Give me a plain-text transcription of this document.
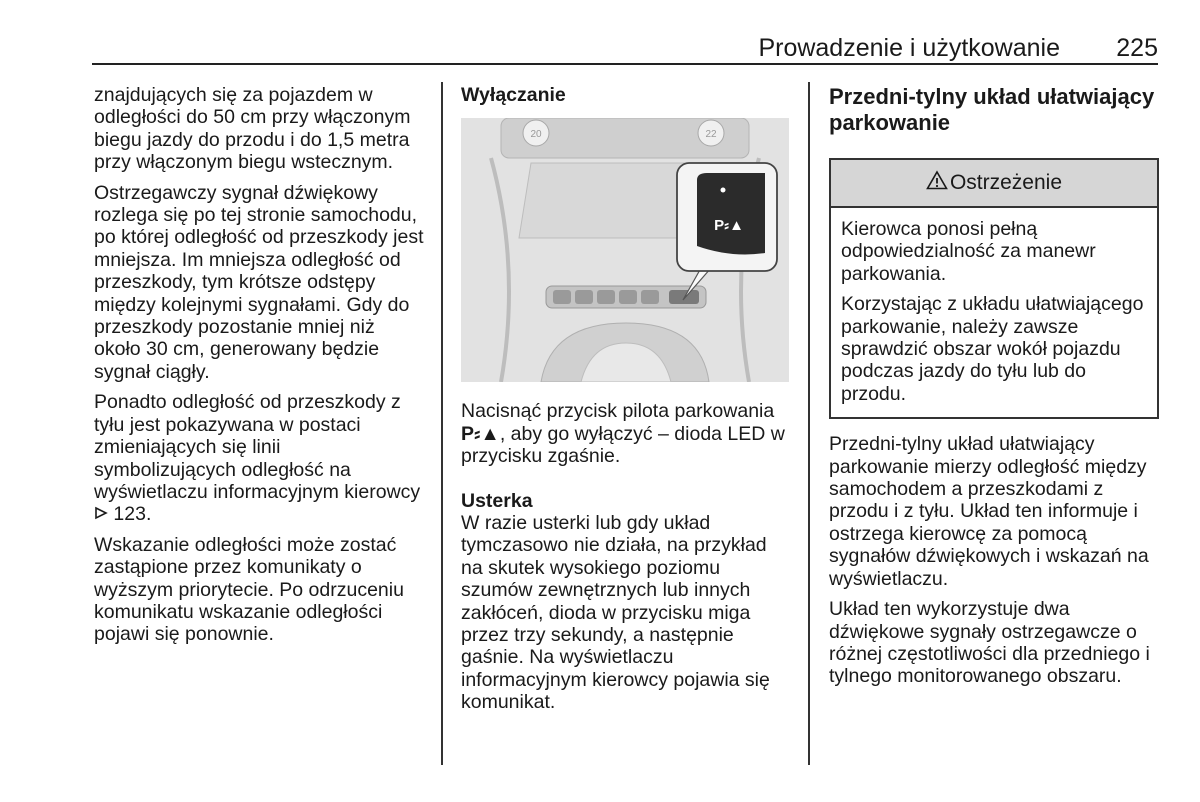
Prowadzenie i użytkowanie	225

znajdujących się za pojazdem w odległości do 50 cm przy włączonym biegu jazdy do przodu i do 1,5 metra przy włączonym biegu wstecznym.

Ostrzegawczy sygnał dźwiękowy rozlega się po tej stronie samochodu, po której odległość od przeszkody jest mniejsza. Im mniejsza odległość od przeszkody, tym krótsze odstępy między kolejnymi sygnałami. Gdy do przeszkody pozostanie mniej niż około 30 cm, generowany będzie sygnał ciągły.

Ponadto odległość od przeszkody z tyłu jest pokazywana w postaci zmieniających się linii symbolizujących odległość na wyświetlaczu informacyjnym kierowcy  123.

Wskazanie odległości może zostać zastąpione przez komunikaty o wyższym priorytecie. Po odrzuceniu komunikatu wskazanie odległości pojawi się ponownie.

Wyłączanie
20	22
P⸗▲

Nacisnąć przycisk pilota parkowania P⸗▲, aby go wyłączyć – dioda LED w przycisku zgaśnie.

Usterka

W razie usterki lub gdy układ tymczasowo nie działa, na przykład na skutek wysokiego poziomu szumów zewnętrznych lub innych zakłóceń, dioda w przycisku miga przez trzy sekundy, a następnie gaśnie. Na wyświetlaczu informacyjnym kierowcy pojawia się komunikat.

Przedni-tylny układ ułatwiający parkowanie
Ostrzeżenie

Kierowca ponosi pełną odpowiedzialność za manewr parkowania.

Korzystając z układu ułatwiającego parkowanie, należy zawsze sprawdzić obszar wokół pojazdu podczas jazdy do tyłu lub do przodu.

Przedni-tylny układ ułatwiający parkowanie mierzy odległość między samochodem a przeszkodami z przodu i z tyłu. Układ ten informuje i ostrzega kierowcę za pomocą sygnałów dźwiękowych i wskazań na wyświetlaczu.

Układ ten wykorzystuje dwa dźwiękowe sygnały ostrzegawcze o różnej częstotliwości dla przedniego i tylnego monitorowanego obszaru.
